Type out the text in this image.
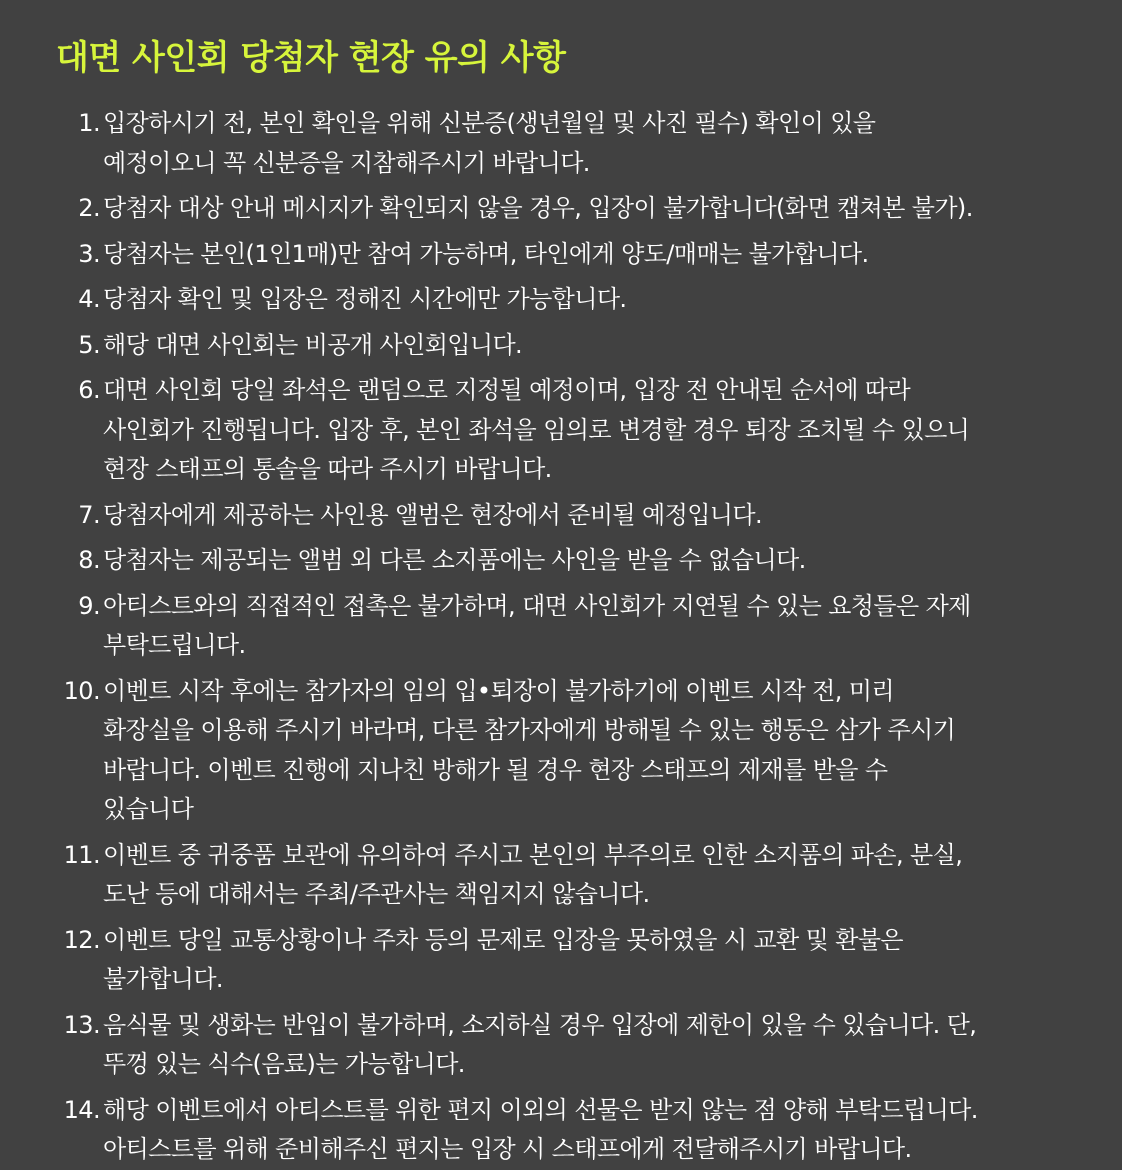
대면 사인회 당첨자 현장 유의 사항
1. 입장하시기 전, 본인 확인을 위해 신분증(생년월일 및 사진 필수) 확인이 있을
예정이오니 꼭 신분증을 지참해주시기 바랍니다.
2. 당첨자 대상 안내 메시지가 확인되지 않을 경우, 입장이 불가합니다(화면 캡쳐본 불가).
3. 당첨자는 본인(1인1매)만 참여 가능하며, 타인에게 양도/매매는 불가합니다.
4. 당첨자 확인 및 입장은 정해진 시간에만 가능합니다.
5. 해당 대면 사인회는 비공개 사인회입니다.
6. 대면 사인회 당일 좌석은 랜덤으로 지정될 예정이며, 입장 전 안내된 순서에 따라
사인회가 진행됩니다. 입장 후, 본인 좌석을 임의로 변경할 경우 퇴장 조치될 수 있으니
현장 스태프의 통솔을 따라 주시기 바랍니다.
7. 당첨자에게 제공하는 사인용 앨범은 현장에서 준비될 예정입니다.
8. 당첨자는 제공되는 앨범 외 다른 소지품에는 사인을 받을 수 없습니다.
9. 아티스트와의 직접적인 접촉은 불가하며, 대면 사인회가 지연될 수 있는 요청들은 자제
부탁드립니다.
10. 이벤트 시작 후에는 참가자의 임의 입•퇴장이 불가하기에 이벤트 시작 전, 미리
화장실을 이용해 주시기 바라며, 다른 참가자에게 방해될 수 있는 행동은 삼가 주시기
바랍니다. 이벤트 진행에 지나친 방해가 될 경우 현장 스태프의 제재를 받을 수
있습니다
11. 이벤트 중 귀중품 보관에 유의하여 주시고 본인의 부주의로 인한 소지품의 파손, 분실,
도난 등에 대해서는 주최/주관사는 책임지지 않습니다.
12. 이벤트 당일 교통상황이나 주차 등의 문제로 입장을 못하였을 시 교환 및 환불은
불가합니다.
13. 음식물 및 생화는 반입이 불가하며, 소지하실 경우 입장에 제한이 있을 수 있습니다. 단,
뚜껑 있는 식수(음료)는 가능합니다.
14. 해당 이벤트에서 아티스트를 위한 편지 이외의 선물은 받지 않는 점 양해 부탁드립니다.
아티스트를 위해 준비해주신 편지는 입장 시 스태프에게 전달해주시기 바랍니다.
